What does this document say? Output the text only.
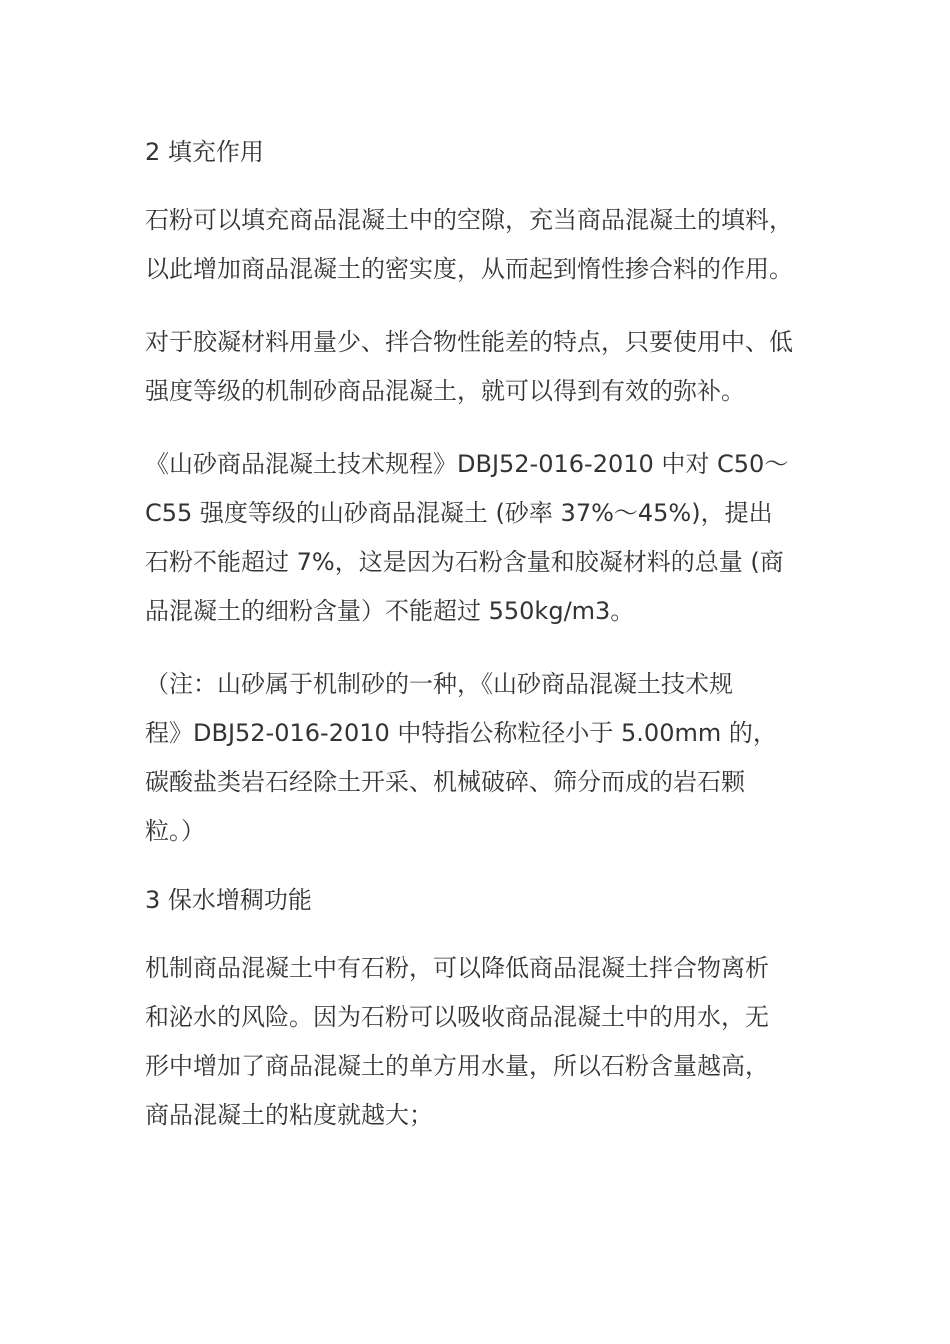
2 填充作用
石粉可以填充商品混凝土中的空隙，充当商品混凝土的填料，
以此增加商品混凝土的密实度，从而起到惰性掺合料的作用。
对于胶凝材料用量少、拌合物性能差的特点，只要使用中、低
强度等级的机制砂商品混凝土，就可以得到有效的弥补。
《山砂商品混凝土技术规程》DBJ52-016-2010 中对 C50～
C55 强度等级的山砂商品混凝土 (砂率 37%～45%)，提出
石粉不能超过 7%，这是因为石粉含量和胶凝材料的总量 (商
品混凝土的细粉含量）不能超过 550kg/m3。
（注：山砂属于机制砂的一种，《山砂商品混凝土技术规
程》DBJ52-016-2010 中特指公称粒径小于 5.00mm 的，
碳酸盐类岩石经除土开采、机械破碎、筛分而成的岩石颗
粒。）
3 保水增稠功能
机制商品混凝土中有石粉，可以降低商品混凝土拌合物离析
和泌水的风险。因为石粉可以吸收商品混凝土中的用水，无
形中增加了商品混凝土的单方用水量，所以石粉含量越高，
商品混凝土的粘度就越大；
